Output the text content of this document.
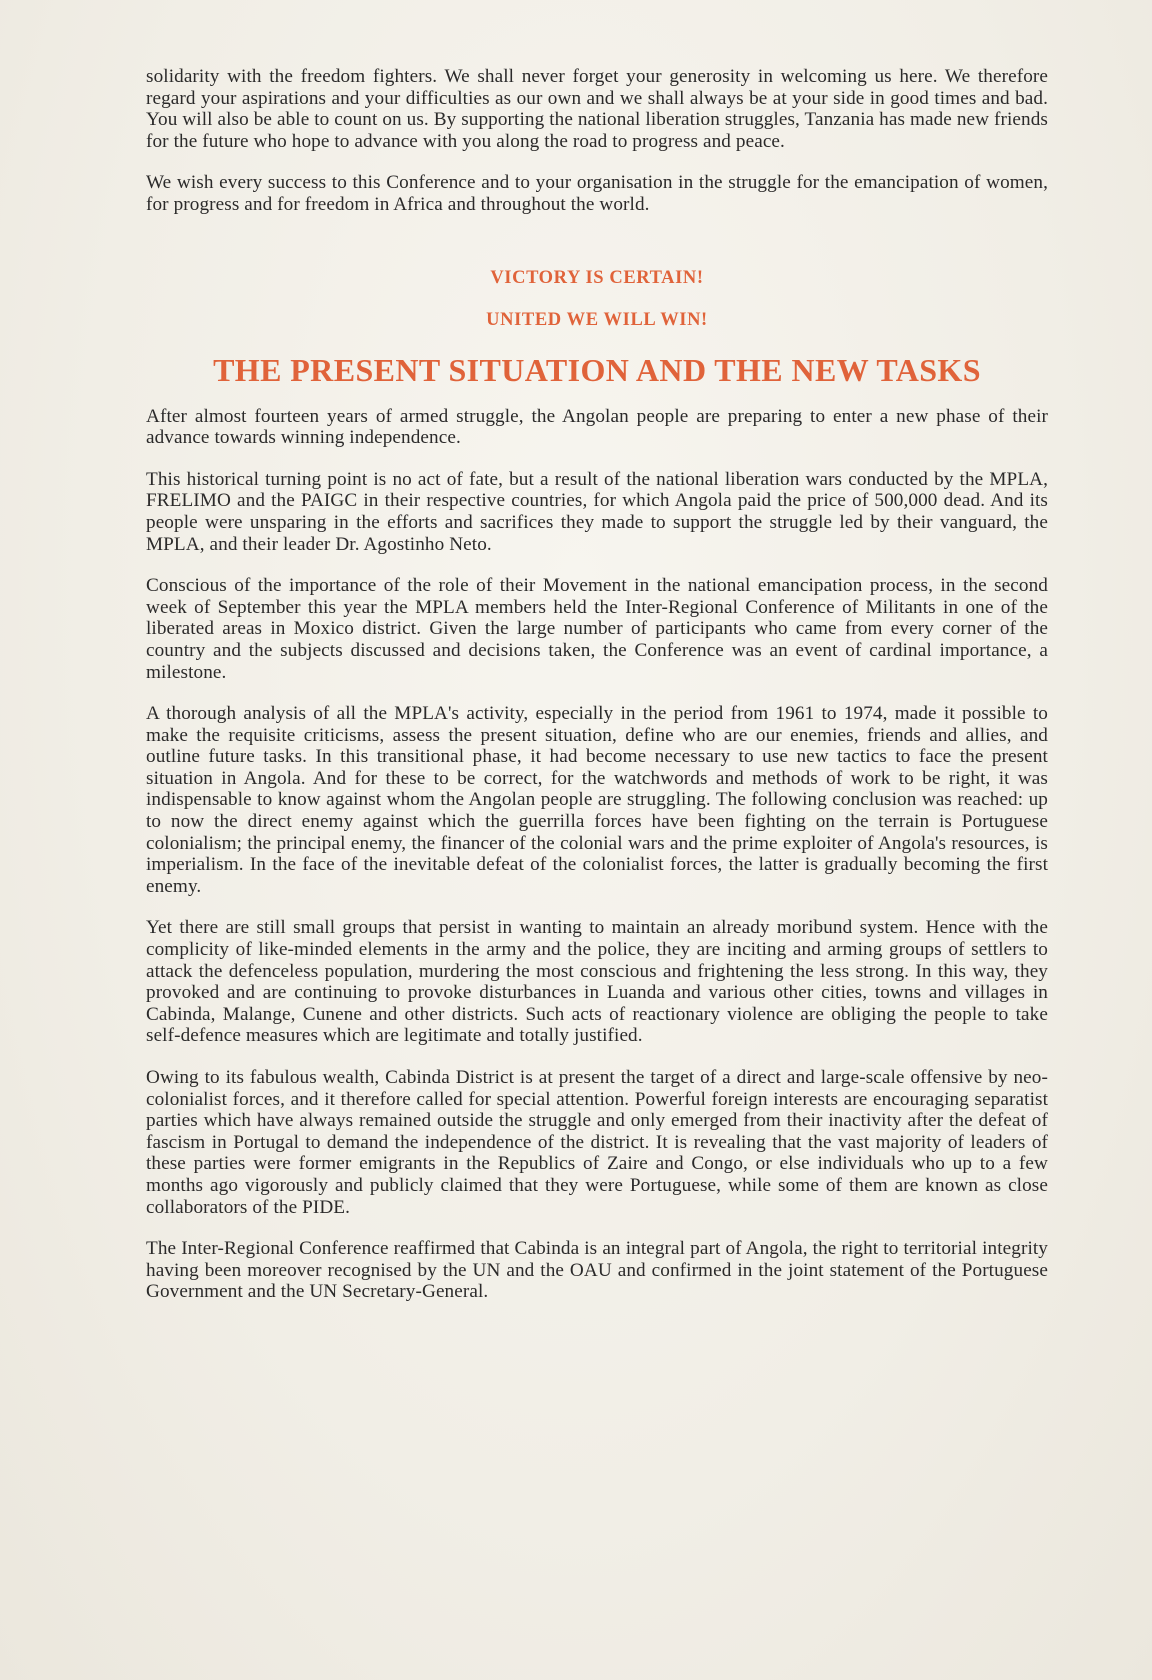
solidarity with the freedom fighters. We shall never forget your generosity in welcoming us here. We therefore regard your aspirations and your difficulties as our own and we shall always be at your side in good times and bad. You will also be able to count on us. By supporting the national liberation struggles, Tanzania has made new friends for the future who hope to advance with you along the road to progress and peace.

We wish every success to this Conference and to your organisation in the struggle for the emancipation of women, for progress and for freedom in Africa and throughout the world.

VICTORY IS CERTAIN!
UNITED WE WILL WIN!
THE PRESENT SITUATION AND THE NEW TASKS

After almost fourteen years of armed struggle, the Angolan people are preparing to enter a new phase of their advance towards winning independence.

This historical turning point is no act of fate, but a result of the national liberation wars conducted by the MPLA, FRELIMO and the PAIGC in their respective countries, for which Angola paid the price of 500,000 dead. And its people were unsparing in the efforts and sacrifices they made to support the struggle led by their vanguard, the MPLA, and their leader Dr. Agostinho Neto.

Conscious of the importance of the role of their Movement in the national emancipation process, in the second week of September this year the MPLA members held the Inter-Regional Conference of Militants in one of the liberated areas in Moxico district. Given the large number of participants who came from every corner of the country and the subjects discussed and decisions taken, the Conference was an event of cardinal importance, a milestone.

A thorough analysis of all the MPLA's activity, especially in the period from 1961 to 1974, made it possible to make the requisite criticisms, assess the present situation, define who are our enemies, friends and allies, and outline future tasks. In this transitional phase, it had become necessary to use new tactics to face the present situation in Angola. And for these to be correct, for the watchwords and methods of work to be right, it was indispensable to know against whom the Angolan people are struggling. The following conclusion was reached: up to now the direct enemy against which the guerrilla forces have been fighting on the terrain is Portuguese colonialism; the principal enemy, the financer of the colonial wars and the prime exploiter of Angola's resources, is imperialism. In the face of the inevitable defeat of the colonialist forces, the latter is gradually becoming the first enemy.

Yet there are still small groups that persist in wanting to maintain an already moribund system. Hence with the complicity of like-minded elements in the army and the police, they are inciting and arming groups of settlers to attack the defenceless population, murdering the most conscious and frightening the less strong. In this way, they provoked and are continuing to provoke disturbances in Luanda and various other cities, towns and villages in Cabinda, Malange, Cunene and other districts. Such acts of reactionary violence are obliging the people to take self-defence measures which are legitimate and totally justified.

Owing to its fabulous wealth, Cabinda District is at present the target of a direct and large-scale offensive by neo-colonialist forces, and it therefore called for special attention. Powerful foreign interests are encouraging separatist parties which have always remained outside the struggle and only emerged from their inactivity after the defeat of fascism in Portugal to demand the independence of the district. It is revealing that the vast majority of leaders of these parties were former emigrants in the Republics of Zaire and Congo, or else individuals who up to a few months ago vigorously and publicly claimed that they were Portuguese, while some of them are known as close collaborators of the PIDE.

The Inter-Regional Conference reaffirmed that Cabinda is an integral part of Angola, the right to territorial integrity having been moreover recognised by the UN and the OAU and confirmed in the joint statement of the Portuguese Government and the UN Secretary-General.
